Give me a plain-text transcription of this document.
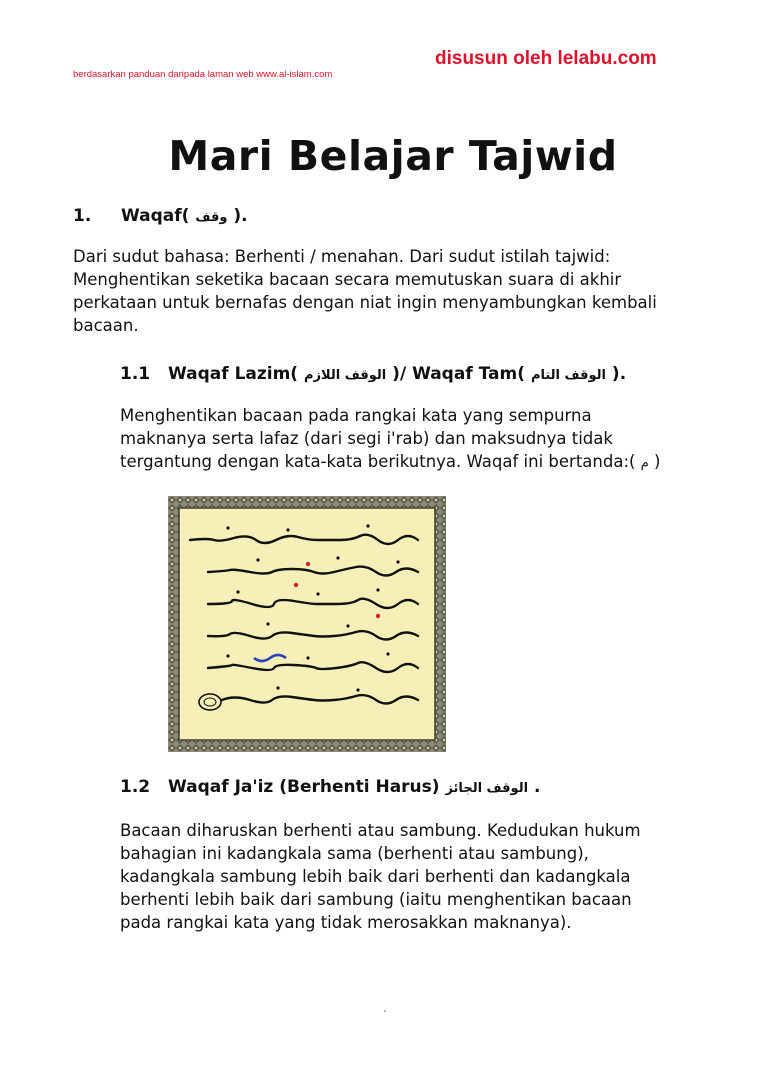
disusun oleh lelabu.com
berdasarkan panduan daripada laman web www.al-islam.com
Mari Belajar Tajwid
1. Waqaf( وقف ).
Dari sudut bahasa: Berhenti / menahan. Dari sudut istilah tajwid:
Menghentikan seketika bacaan secara memutuskan suara di akhir
perkataan untuk bernafas dengan niat ingin menyambungkan kembali
bacaan.
1.1 Waqaf Lazim( الوقف اللازم )/ Waqaf Tam( الوقف التام ).
Menghentikan bacaan pada rangkai kata yang sempurna
maknanya serta lafaz (dari segi i'rab) dan maksudnya tidak
tergantung dengan kata-kata berikutnya. Waqaf ini bertanda:( م )
1.2 Waqaf Ja'iz (Berhenti Harus) الوقف الجائز .
Bacaan diharuskan berhenti atau sambung. Kedudukan hukum
bahagian ini kadangkala sama (berhenti atau sambung),
kadangkala sambung lebih baik dari berhenti dan kadangkala
berhenti lebih baik dari sambung (iaitu menghentikan bacaan
pada rangkai kata yang tidak merosakkan maknanya).
